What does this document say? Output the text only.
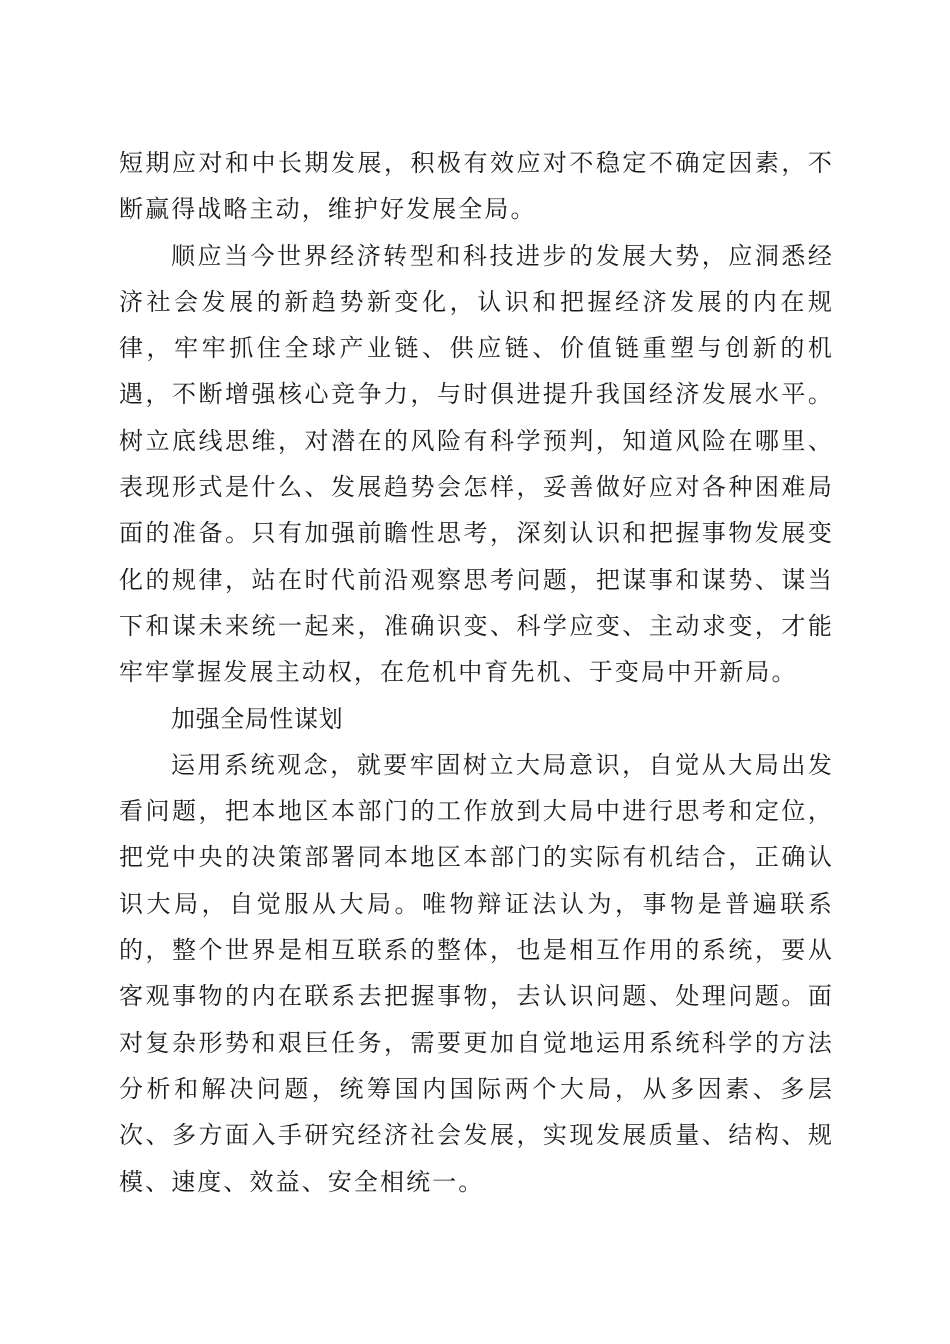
短期应对和中长期发展，积极有效应对不稳定不确定因素，不断赢得战略主动，维护好发展全局。

顺应当今世界经济转型和科技进步的发展大势，应洞悉经济社会发展的新趋势新变化，认识和把握经济发展的内在规律，牢牢抓住全球产业链、供应链、价值链重塑与创新的机遇，不断增强核心竞争力，与时俱进提升我国经济发展水平。树立底线思维，对潜在的风险有科学预判，知道风险在哪里、表现形式是什么、发展趋势会怎样，妥善做好应对各种困难局面的准备。只有加强前瞻性思考，深刻认识和把握事物发展变化的规律，站在时代前沿观察思考问题，把谋事和谋势、谋当下和谋未来统一起来，准确识变、科学应变、主动求变，才能牢牢掌握发展主动权，在危机中育先机、于变局中开新局。

加强全局性谋划

运用系统观念，就要牢固树立大局意识，自觉从大局出发看问题，把本地区本部门的工作放到大局中进行思考和定位，把党中央的决策部署同本地区本部门的实际有机结合，正确认识大局，自觉服从大局。唯物辩证法认为，事物是普遍联系的，整个世界是相互联系的整体，也是相互作用的系统，要从客观事物的内在联系去把握事物，去认识问题、处理问题。面对复杂形势和艰巨任务，需要更加自觉地运用系统科学的方法分析和解决问题，统筹国内国际两个大局，从多因素、多层次、多方面入手研究经济社会发展，实现发展质量、结构、规模、速度、效益、安全相统一。
